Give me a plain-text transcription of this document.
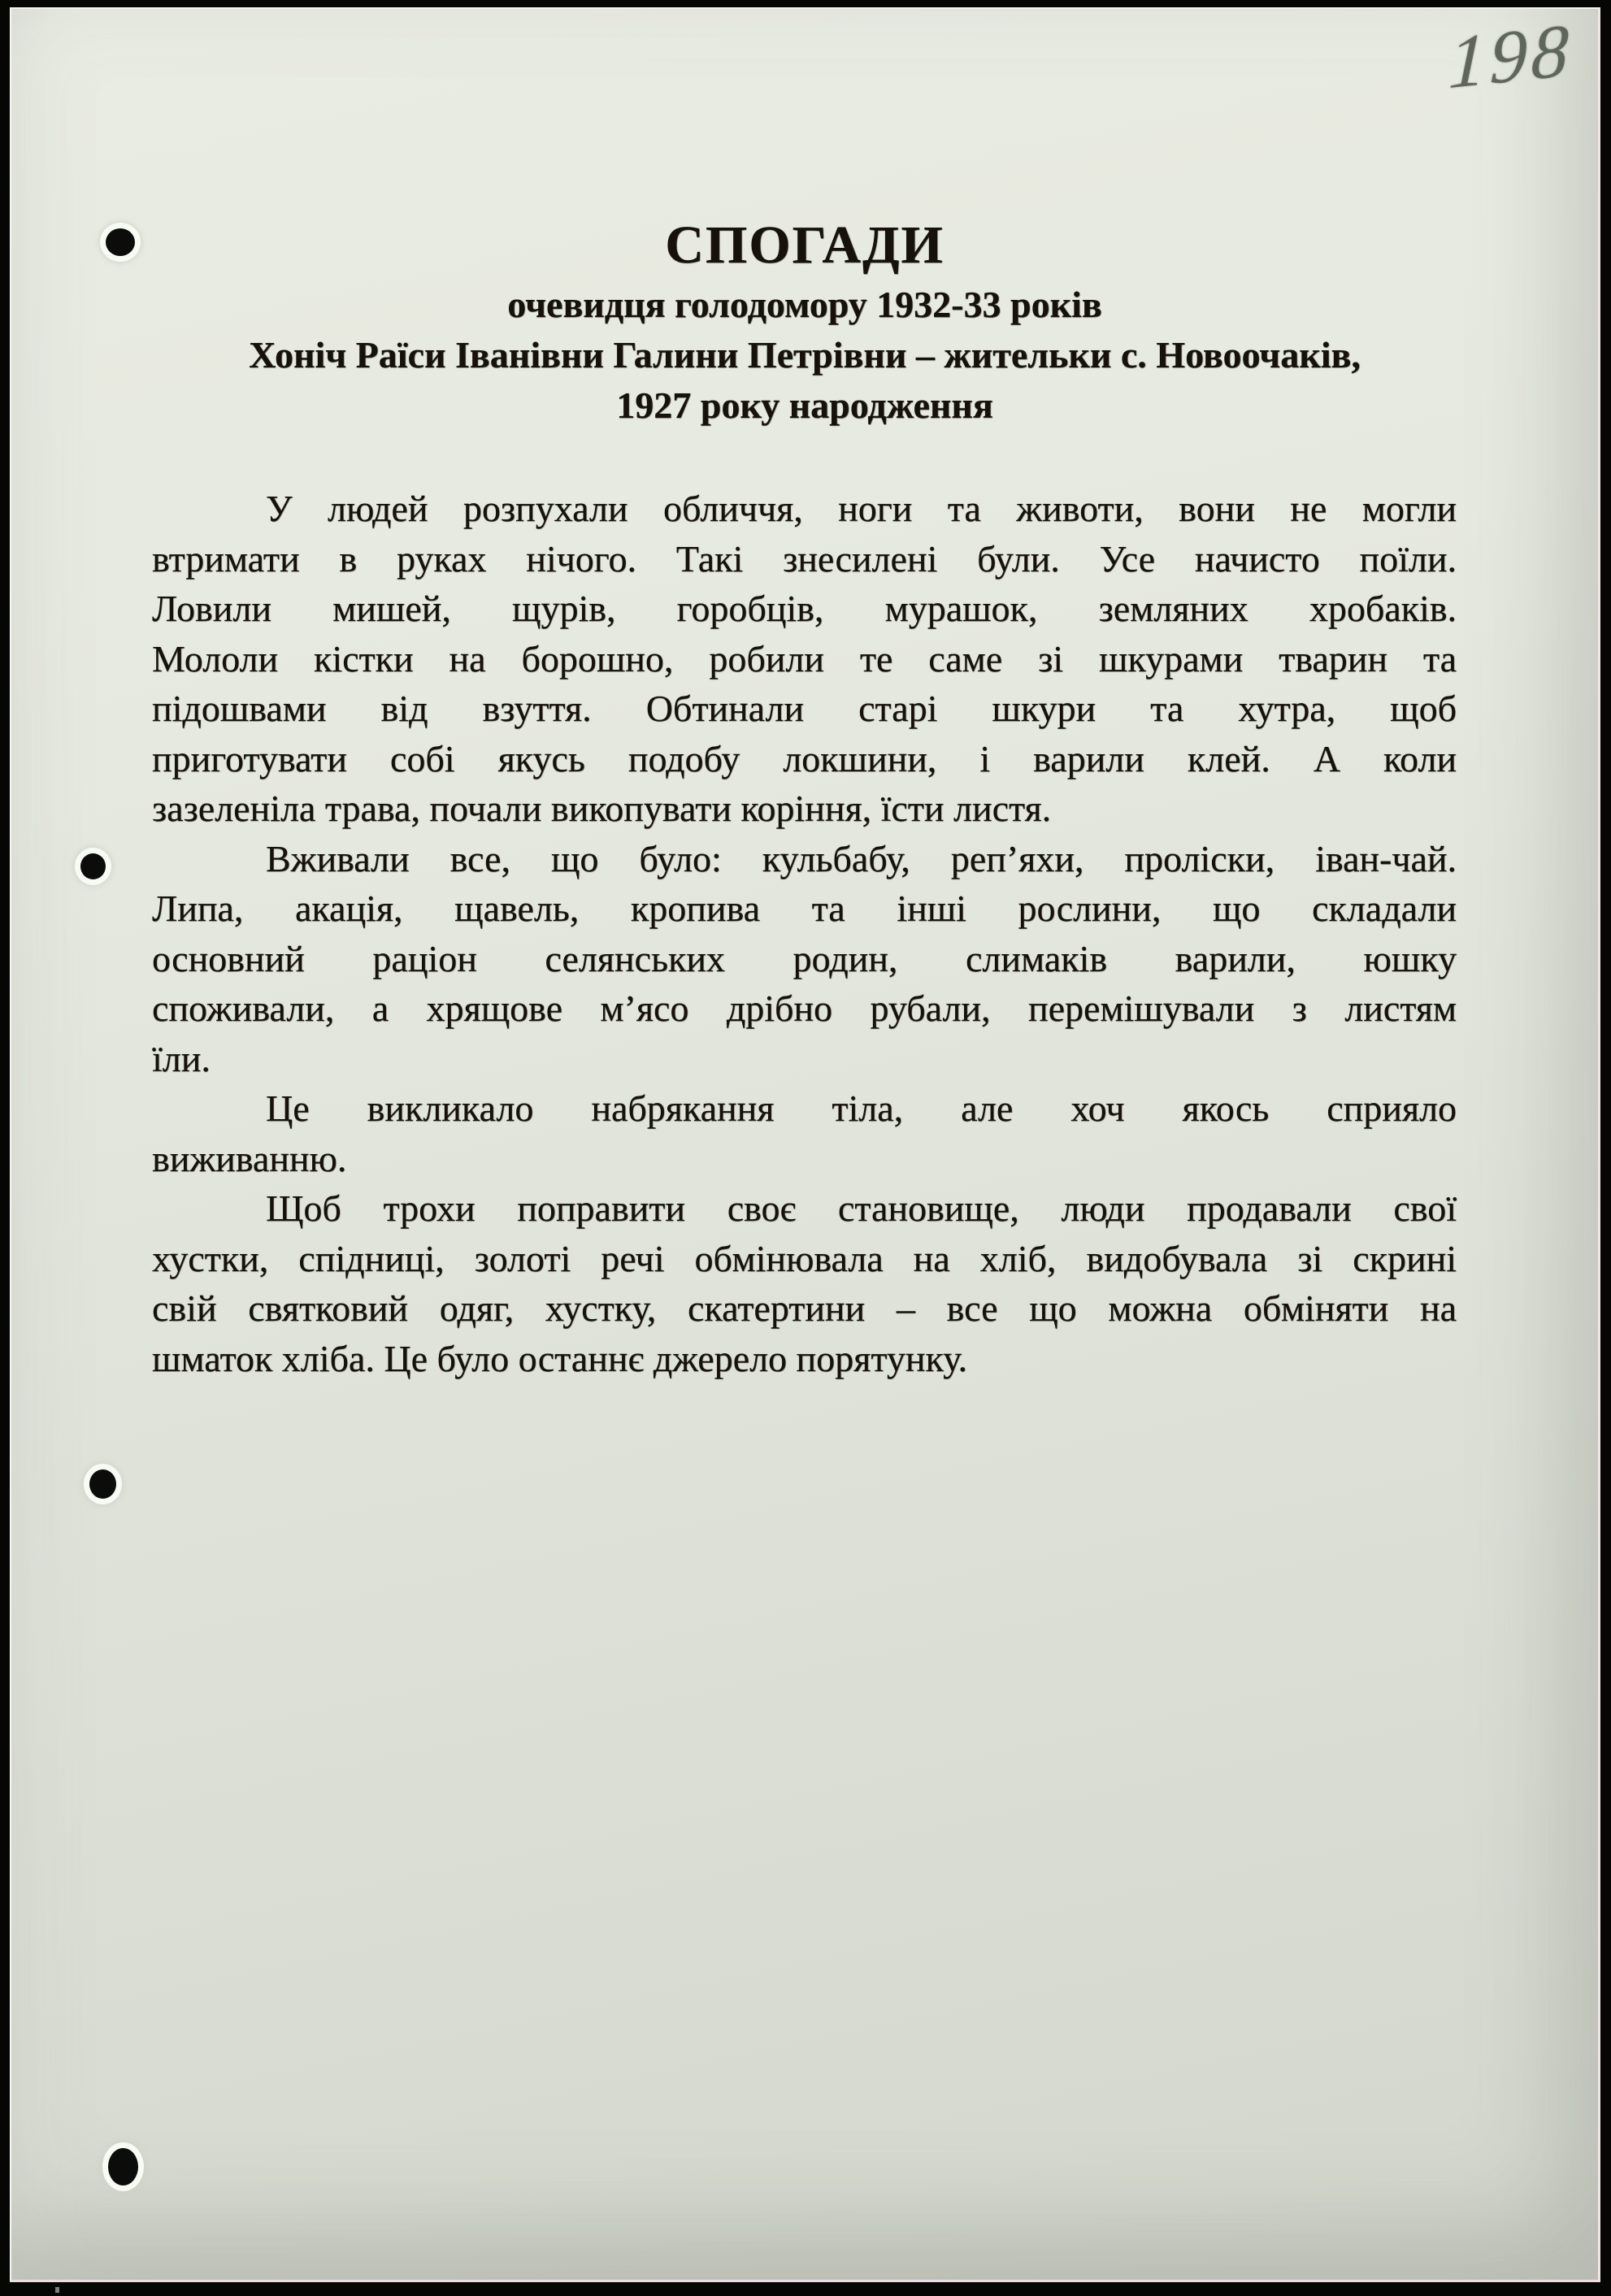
198
СПОГАДИ
очевидця голодомору 1932-33 років
Хоніч Раїси Іванівни Галини Петрівни – жительки с. Новоочаків,
1927 року народження
У людей розпухали обличчя, ноги та животи, вони не могли
втримати в руках нічого. Такі знесилені були. Усе начисто поїли.
Ловили мишей, щурів, горобців, мурашок, земляних хробаків.
Мололи кістки на борошно, робили те саме зі шкурами тварин та
підошвами від взуття. Обтинали старі шкури та хутра, щоб
приготувати собі якусь подобу локшини, і варили клей. А коли
зазеленіла трава, почали викопувати коріння, їсти листя.
Вживали все, що було: кульбабу, реп’яхи, проліски, іван-чай.
Липа, акація, щавель, кропива та інші рослини, що складали
основний раціон селянських родин, слимаків варили, юшку
споживали, а хрящове м’ясо дрібно рубали, перемішували з листям
їли.
Це викликало набрякання тіла, але хоч якось сприяло
виживанню.
Щоб трохи поправити своє становище, люди продавали свої
хустки, спідниці, золоті речі обмінювала на хліб, видобувала зі скрині
свій святковий одяг, хустку, скатертини – все що можна обміняти на
шматок хліба. Це було останнє джерело порятунку.
